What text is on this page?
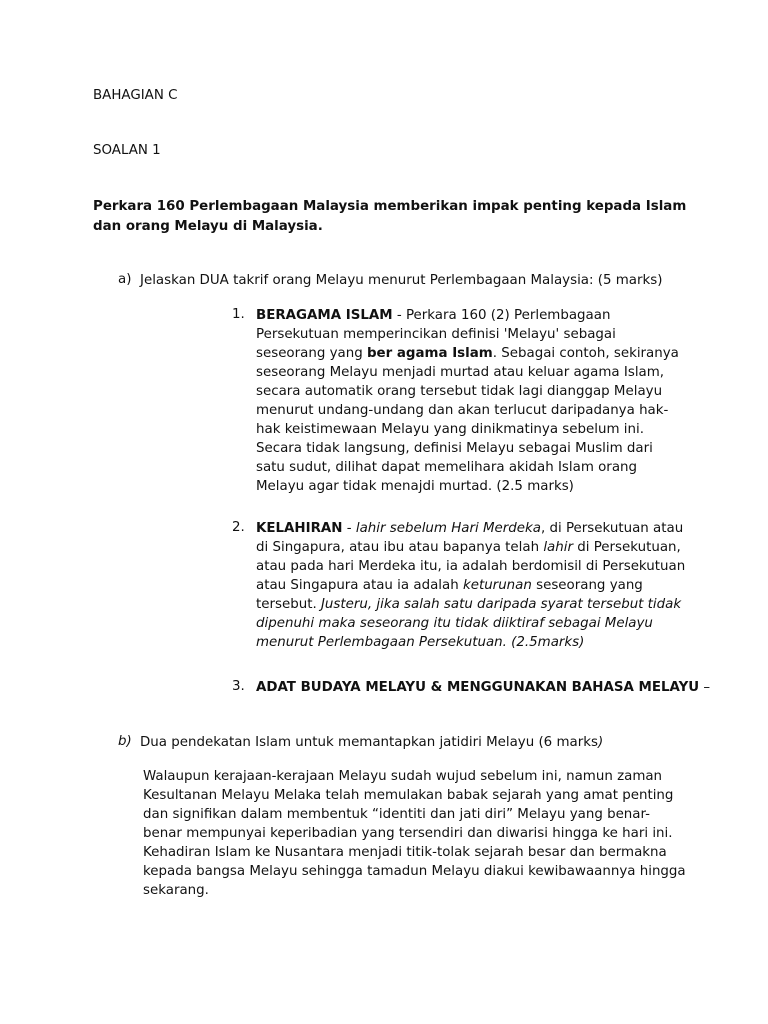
BAHAGIAN C
SOALAN 1
Perkara 160 Perlembagaan Malaysia memberikan impak penting kepada Islam dan orang Melayu di Malaysia.
a) Jelaskan DUA takrif orang Melayu menurut Perlembagaan Malaysia: (5 marks)
1. BERAGAMA ISLAM - Perkara 160 (2) Perlembagaan Persekutuan memperincikan definisi 'Melayu' sebagai seseorang yang ber agama Islam. Sebagai contoh, sekiranya seseorang Melayu menjadi murtad atau keluar agama Islam, secara automatik orang tersebut tidak lagi dianggap Melayu menurut undang-undang dan akan terlucut daripadanya hak-hak keistimewaan Melayu yang dinikmatinya sebelum ini. Secara tidak langsung, definisi Melayu sebagai Muslim dari satu sudut, dilihat dapat memelihara akidah Islam orang Melayu agar tidak menajdi murtad. (2.5 marks)
2. KELAHIRAN - lahir sebelum Hari Merdeka, di Persekutuan atau di Singapura, atau ibu atau bapanya telah lahir di Persekutuan, atau pada hari Merdeka itu, ia adalah berdomisil di Persekutuan atau Singapura atau ia adalah keturunan seseorang yang tersebut. Justeru, jika salah satu daripada syarat tersebut tidak dipenuhi maka seseorang itu tidak diiktiraf sebagai Melayu menurut Perlembagaan Persekutuan. (2.5marks)
3. ADAT BUDAYA MELAYU & MENGGUNAKAN BAHASA MELAYU –
b) Dua pendekatan Islam untuk memantapkan jatidiri Melayu (6 marks)
Walaupun kerajaan-kerajaan Melayu sudah wujud sebelum ini, namun zaman Kesultanan Melayu Melaka telah memulakan babak sejarah yang amat penting dan signifikan dalam membentuk “identiti dan jati diri” Melayu yang benar-benar mempunyai keperibadian yang tersendiri dan diwarisi hingga ke hari ini. Kehadiran Islam ke Nusantara menjadi titik-tolak sejarah besar dan bermakna kepada bangsa Melayu sehingga tamadun Melayu diakui kewibawaannya hingga sekarang.
